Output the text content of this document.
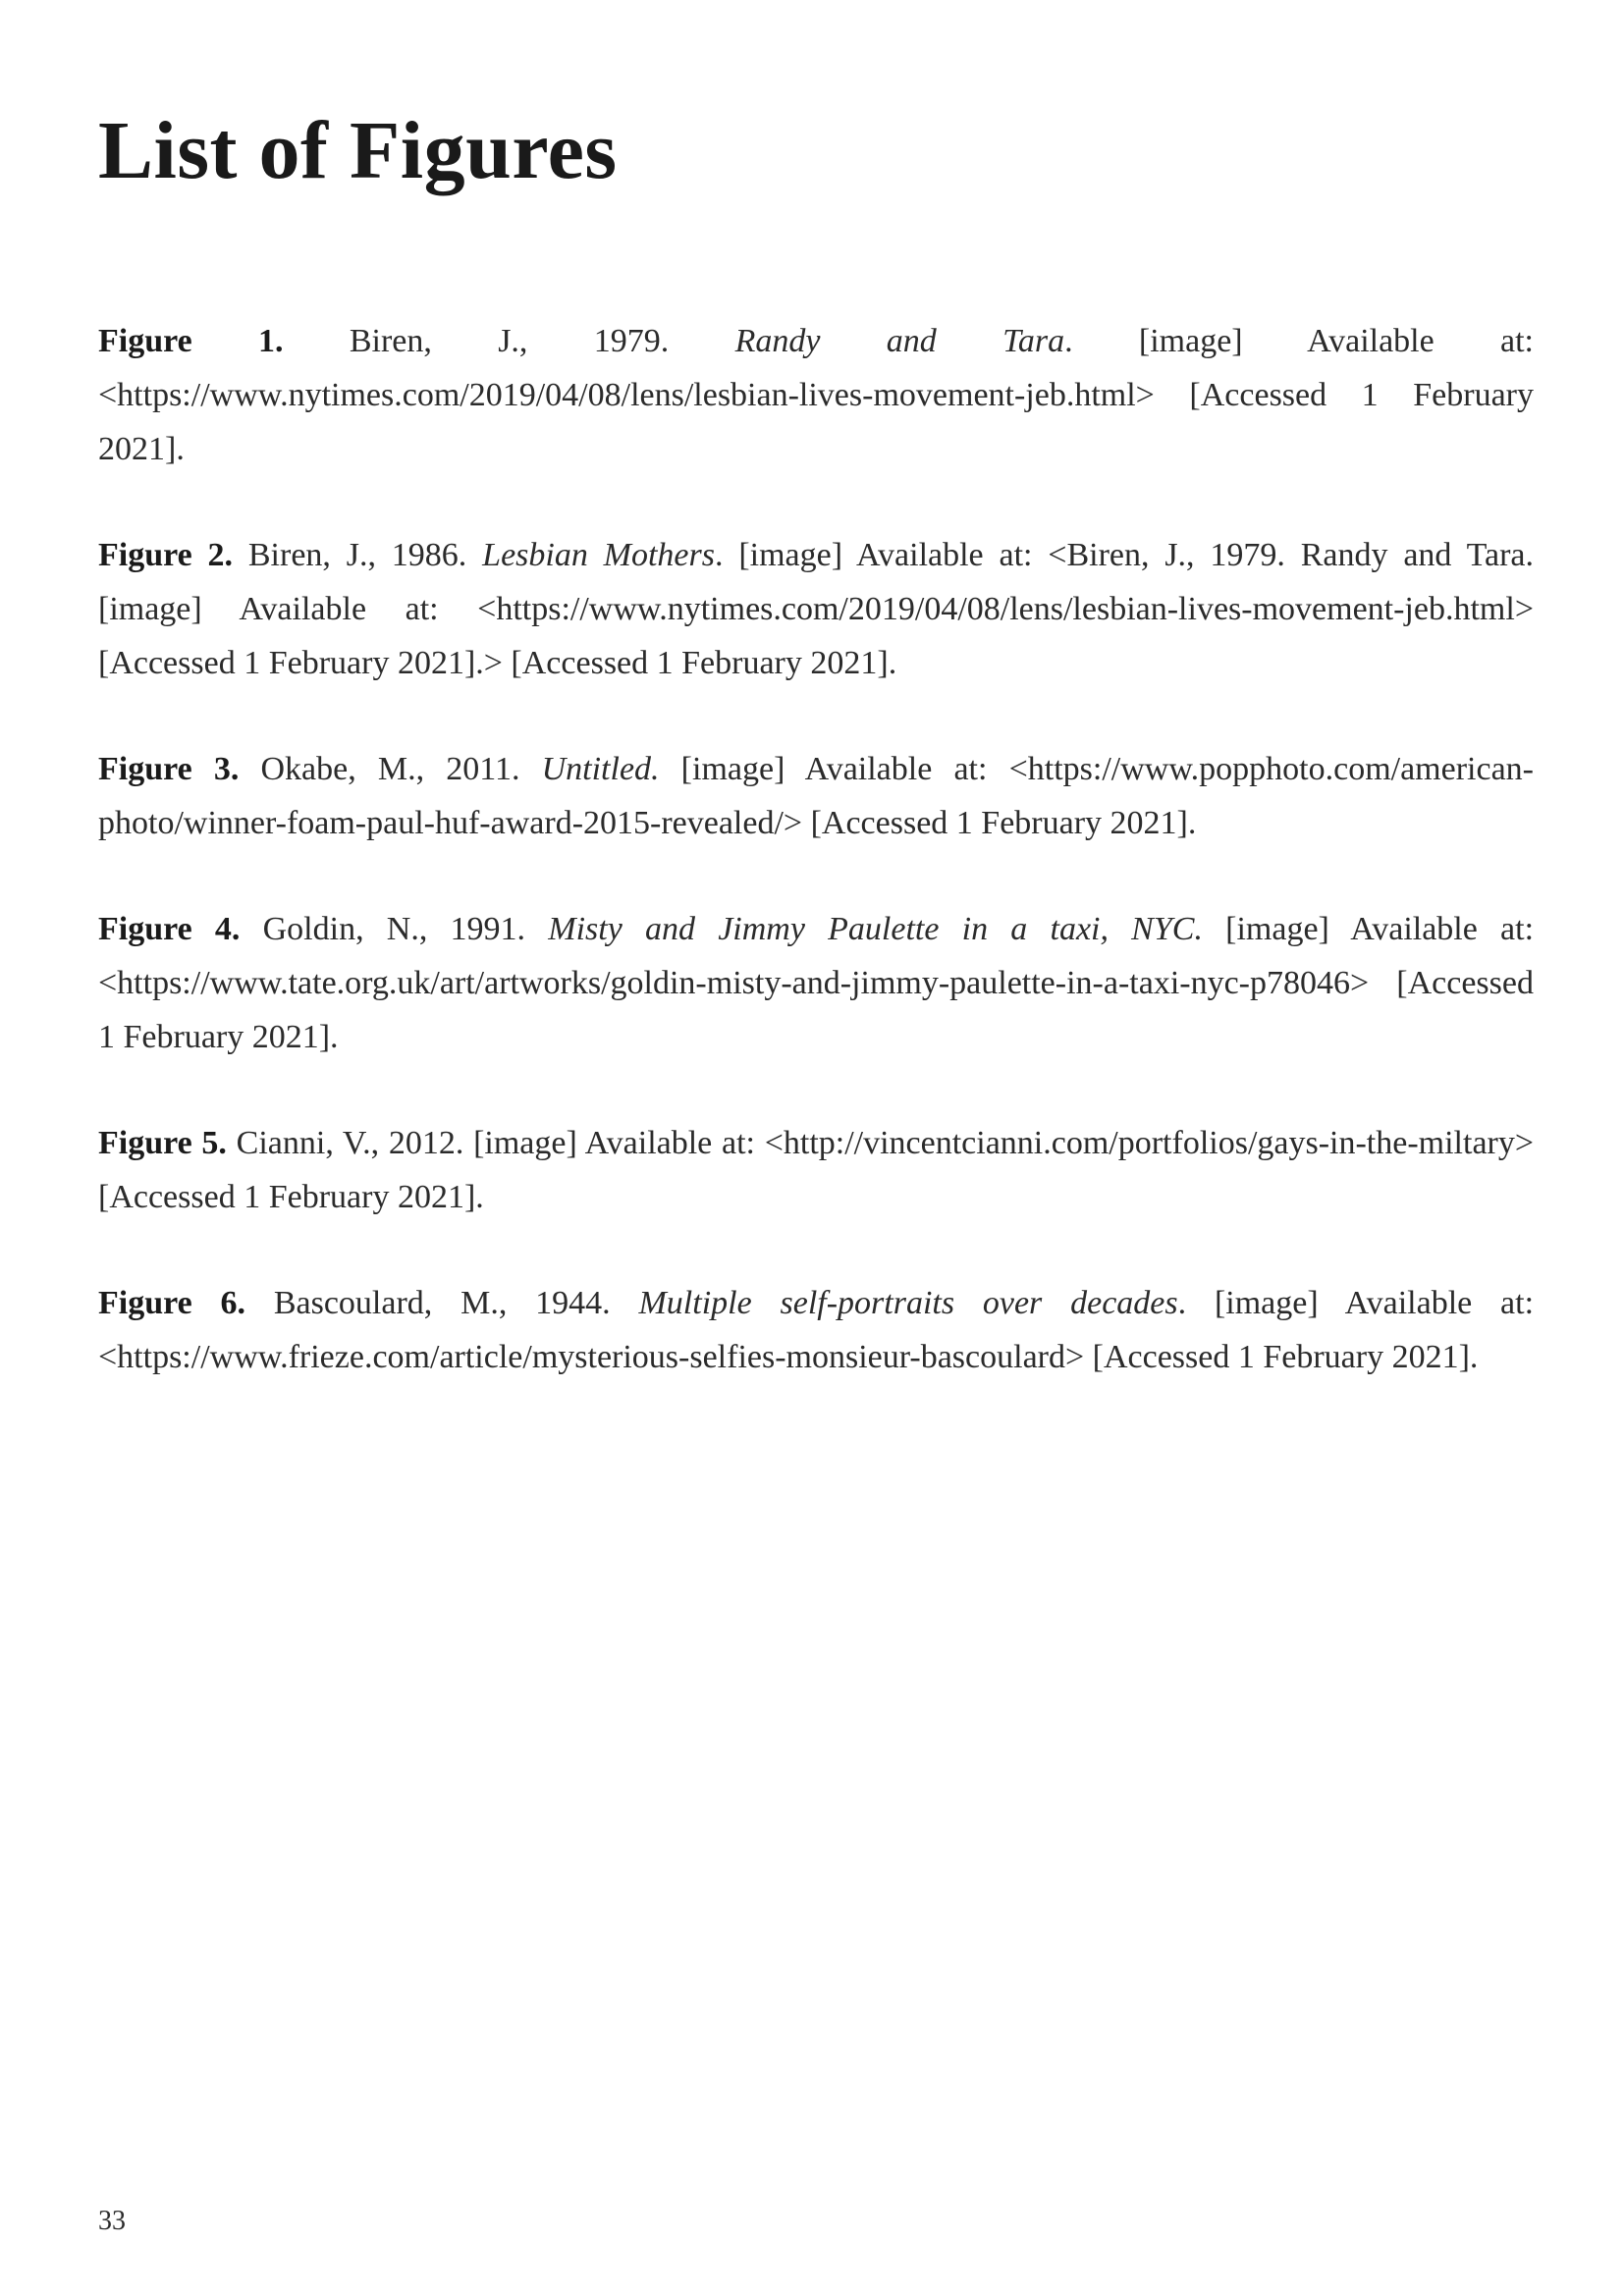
List of Figures
Figure 1. Biren, J., 1979. Randy and Tara. [image] Available at: <https://www.nytimes.com/2019/04/08/lens/lesbian-lives-movement-jeb.html> [Accessed 1 February 2021].
Figure 2. Biren, J., 1986. Lesbian Mothers. [image] Available at: <Biren, J., 1979. Randy and Tara. [image] Available at: <https://www.nytimes.com/2019/04/08/lens/lesbian-lives-movement-jeb.html> [Accessed 1 February 2021].> [Accessed 1 February 2021].
Figure 3. Okabe, M., 2011. Untitled. [image] Available at: <https://www.popphoto.com/american-photo/winner-foam-paul-huf-award-2015-revealed/> [Accessed 1 February 2021].
Figure 4. Goldin, N., 1991. Misty and Jimmy Paulette in a taxi, NYC. [image] Available at: <https://www.tate.org.uk/art/artworks/goldin-misty-and-jimmy-paulette-in-a-taxi-nyc-p78046> [Accessed 1 February 2021].
Figure 5. Cianni, V., 2012. [image] Available at: <http://vincentcianni.com/portfolios/gays-in-the-miltary> [Accessed 1 February 2021].
Figure 6. Bascoulard, M., 1944. Multiple self-portraits over decades. [image] Available at: <https://www.frieze.com/article/mysterious-selfies-monsieur-bascoulard> [Accessed 1 February 2021].
33
